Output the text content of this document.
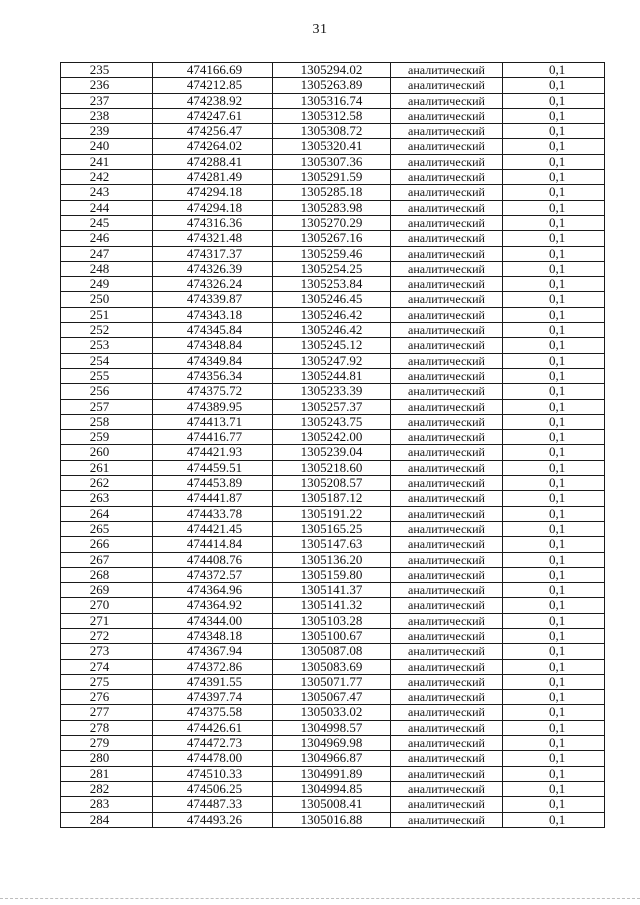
31
235	474166.69	1305294.02	аналитический	0,1
236	474212.85	1305263.89	аналитический	0,1
237	474238.92	1305316.74	аналитический	0,1
238	474247.61	1305312.58	аналитический	0,1
239	474256.47	1305308.72	аналитический	0,1
240	474264.02	1305320.41	аналитический	0,1
241	474288.41	1305307.36	аналитический	0,1
242	474281.49	1305291.59	аналитический	0,1
243	474294.18	1305285.18	аналитический	0,1
244	474294.18	1305283.98	аналитический	0,1
245	474316.36	1305270.29	аналитический	0,1
246	474321.48	1305267.16	аналитический	0,1
247	474317.37	1305259.46	аналитический	0,1
248	474326.39	1305254.25	аналитический	0,1
249	474326.24	1305253.84	аналитический	0,1
250	474339.87	1305246.45	аналитический	0,1
251	474343.18	1305246.42	аналитический	0,1
252	474345.84	1305246.42	аналитический	0,1
253	474348.84	1305245.12	аналитический	0,1
254	474349.84	1305247.92	аналитический	0,1
255	474356.34	1305244.81	аналитический	0,1
256	474375.72	1305233.39	аналитический	0,1
257	474389.95	1305257.37	аналитический	0,1
258	474413.71	1305243.75	аналитический	0,1
259	474416.77	1305242.00	аналитический	0,1
260	474421.93	1305239.04	аналитический	0,1
261	474459.51	1305218.60	аналитический	0,1
262	474453.89	1305208.57	аналитический	0,1
263	474441.87	1305187.12	аналитический	0,1
264	474433.78	1305191.22	аналитический	0,1
265	474421.45	1305165.25	аналитический	0,1
266	474414.84	1305147.63	аналитический	0,1
267	474408.76	1305136.20	аналитический	0,1
268	474372.57	1305159.80	аналитический	0,1
269	474364.96	1305141.37	аналитический	0,1
270	474364.92	1305141.32	аналитический	0,1
271	474344.00	1305103.28	аналитический	0,1
272	474348.18	1305100.67	аналитический	0,1
273	474367.94	1305087.08	аналитический	0,1
274	474372.86	1305083.69	аналитический	0,1
275	474391.55	1305071.77	аналитический	0,1
276	474397.74	1305067.47	аналитический	0,1
277	474375.58	1305033.02	аналитический	0,1
278	474426.61	1304998.57	аналитический	0,1
279	474472.73	1304969.98	аналитический	0,1
280	474478.00	1304966.87	аналитический	0,1
281	474510.33	1304991.89	аналитический	0,1
282	474506.25	1304994.85	аналитический	0,1
283	474487.33	1305008.41	аналитический	0,1
284	474493.26	1305016.88	аналитический	0,1
